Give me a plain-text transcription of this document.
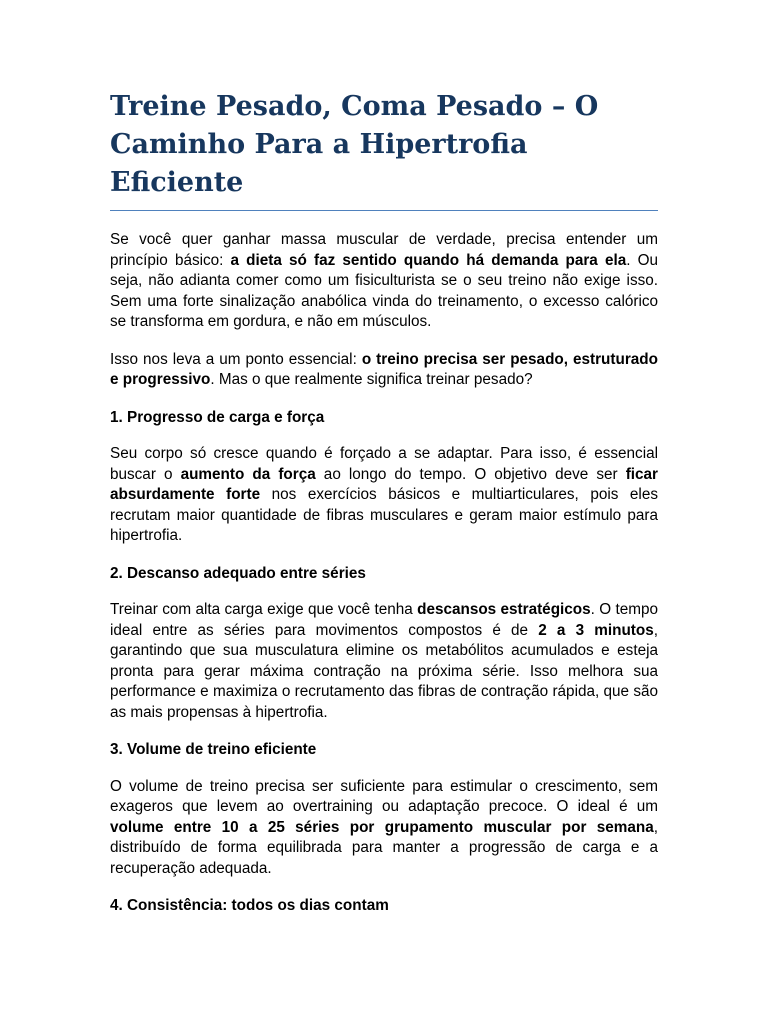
Treine Pesado, Coma Pesado – O Caminho Para a Hipertrofia Eficiente

Se você quer ganhar massa muscular de verdade, precisa entender um princípio básico: a dieta só faz sentido quando há demanda para ela. Ou seja, não adianta comer como um fisiculturista se o seu treino não exige isso. Sem uma forte sinalização anabólica vinda do treinamento, o excesso calórico se transforma em gordura, e não em músculos.

Isso nos leva a um ponto essencial: o treino precisa ser pesado, estruturado e progressivo. Mas o que realmente significa treinar pesado?

1. Progresso de carga e força

Seu corpo só cresce quando é forçado a se adaptar. Para isso, é essencial buscar o aumento da força ao longo do tempo. O objetivo deve ser ficar absurdamente forte nos exercícios básicos e multiarticulares, pois eles recrutam maior quantidade de fibras musculares e geram maior estímulo para hipertrofia.

2. Descanso adequado entre séries

Treinar com alta carga exige que você tenha descansos estratégicos. O tempo ideal entre as séries para movimentos compostos é de 2 a 3 minutos, garantindo que sua musculatura elimine os metabólitos acumulados e esteja pronta para gerar máxima contração na próxima série. Isso melhora sua performance e maximiza o recrutamento das fibras de contração rápida, que são as mais propensas à hipertrofia.

3. Volume de treino eficiente

O volume de treino precisa ser suficiente para estimular o crescimento, sem exageros que levem ao overtraining ou adaptação precoce. O ideal é um volume entre 10 a 25 séries por grupamento muscular por semana, distribuído de forma equilibrada para manter a progressão de carga e a recuperação adequada.

4. Consistência: todos os dias contam
